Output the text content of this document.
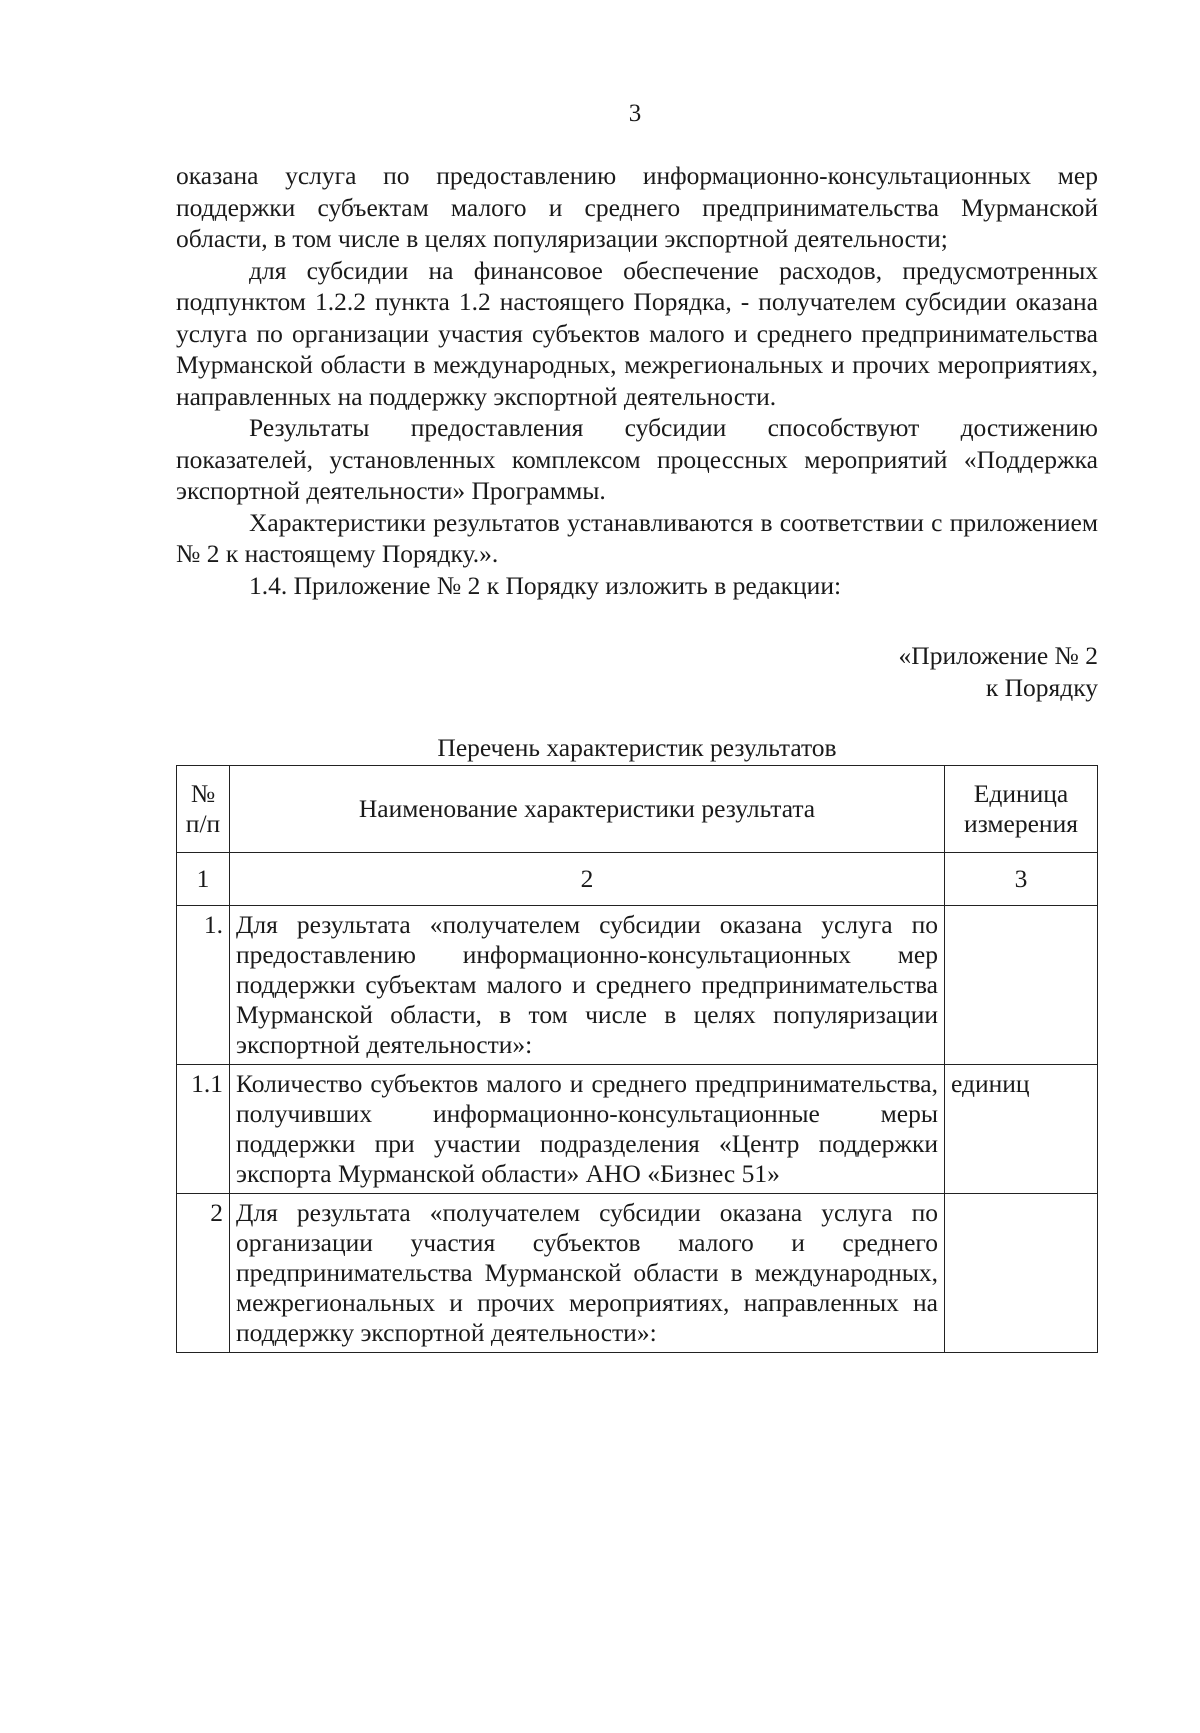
3

оказана услуга по предоставлению информационно-консультационных мер поддержки субъектам малого и среднего предпринимательства Мурманской области, в том числе в целях популяризации экспортной деятельности;

для субсидии на финансовое обеспечение расходов, предусмотренных подпунктом 1.2.2 пункта 1.2 настоящего Порядка, - получателем субсидии оказана услуга по организации участия субъектов малого и среднего предпринимательства Мурманской области в международных, межрегиональных и прочих мероприятиях, направленных на поддержку экспортной деятельности.

Результаты предоставления субсидии способствуют достижению показателей, установленных комплексом процессных мероприятий «Поддержка экспортной деятельности» Программы.

Характеристики результатов устанавливаются в соответствии с приложением № 2 к настоящему Порядку.».

1.4. Приложение № 2 к Порядку изложить в редакции:

«Приложение № 2
к Порядку
Перечень характеристик результатов
№ п/п	Наименование характеристики результата	Единица измерения
1	2	3
1.	Для результата «получателем субсидии оказана услуга по предоставлению информационно-консультационных мер поддержки субъектам малого и среднего предпринимательства Мурманской области, в том числе в целях популяризации экспортной деятельности»:	
1.1	Количество субъектов малого и среднего предпринимательства, получивших информационно-консультационные меры поддержки при участии подразделения «Центр поддержки экспорта Мурманской области» АНО «Бизнес 51»	единиц
2	Для результата «получателем субсидии оказана услуга по организации участия субъектов малого и среднего предпринимательства Мурманской области в международных, межрегиональных и прочих мероприятиях, направленных на поддержку экспортной деятельности»:	
